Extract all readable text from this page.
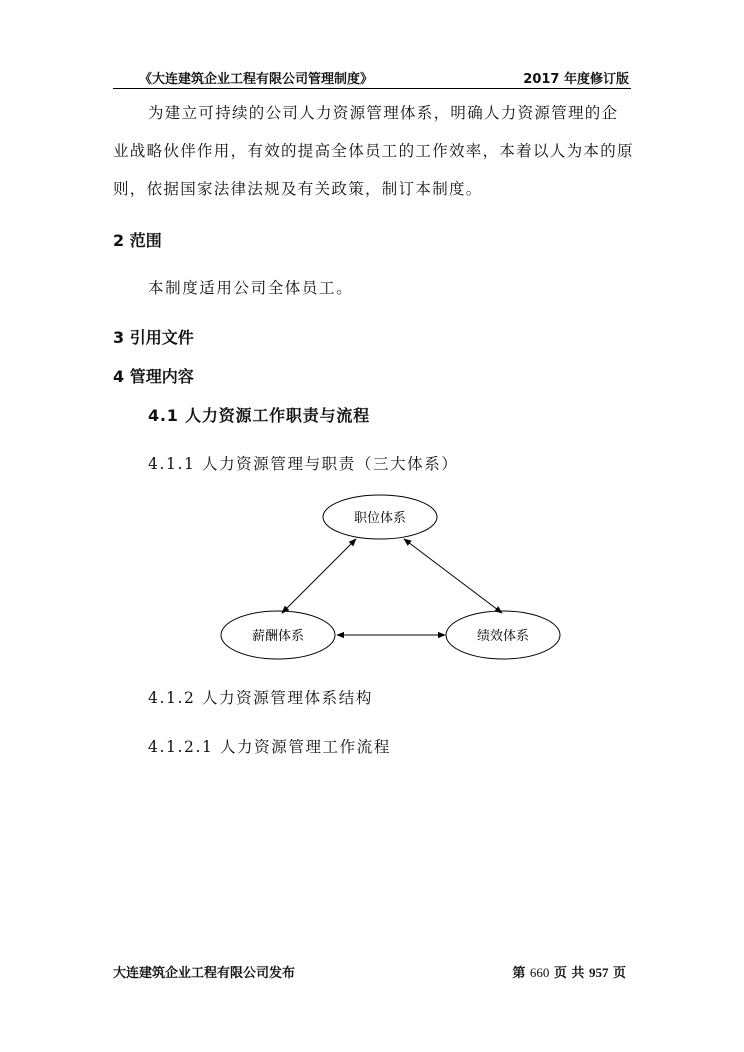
《大连建筑企业工程有限公司管理制度》	2017 年度修订版
为建立可持续的公司人力资源管理体系，明确人力资源管理的企业战略伙伴作用，有效的提高全体员工的工作效率，本着以人为本的原则，依据国家法律法规及有关政策，制订本制度。
2 范围
本制度适用公司全体员工。
3 引用文件
4 管理内容
4.1 人力资源工作职责与流程
4.1.1 人力资源管理与职责（三大体系）
职位体系
薪酬体系	绩效体系
4.1.2 人力资源管理体系结构
4.1.2.1 人力资源管理工作流程
大连建筑企业工程有限公司发布	第 660 页 共 957 页
